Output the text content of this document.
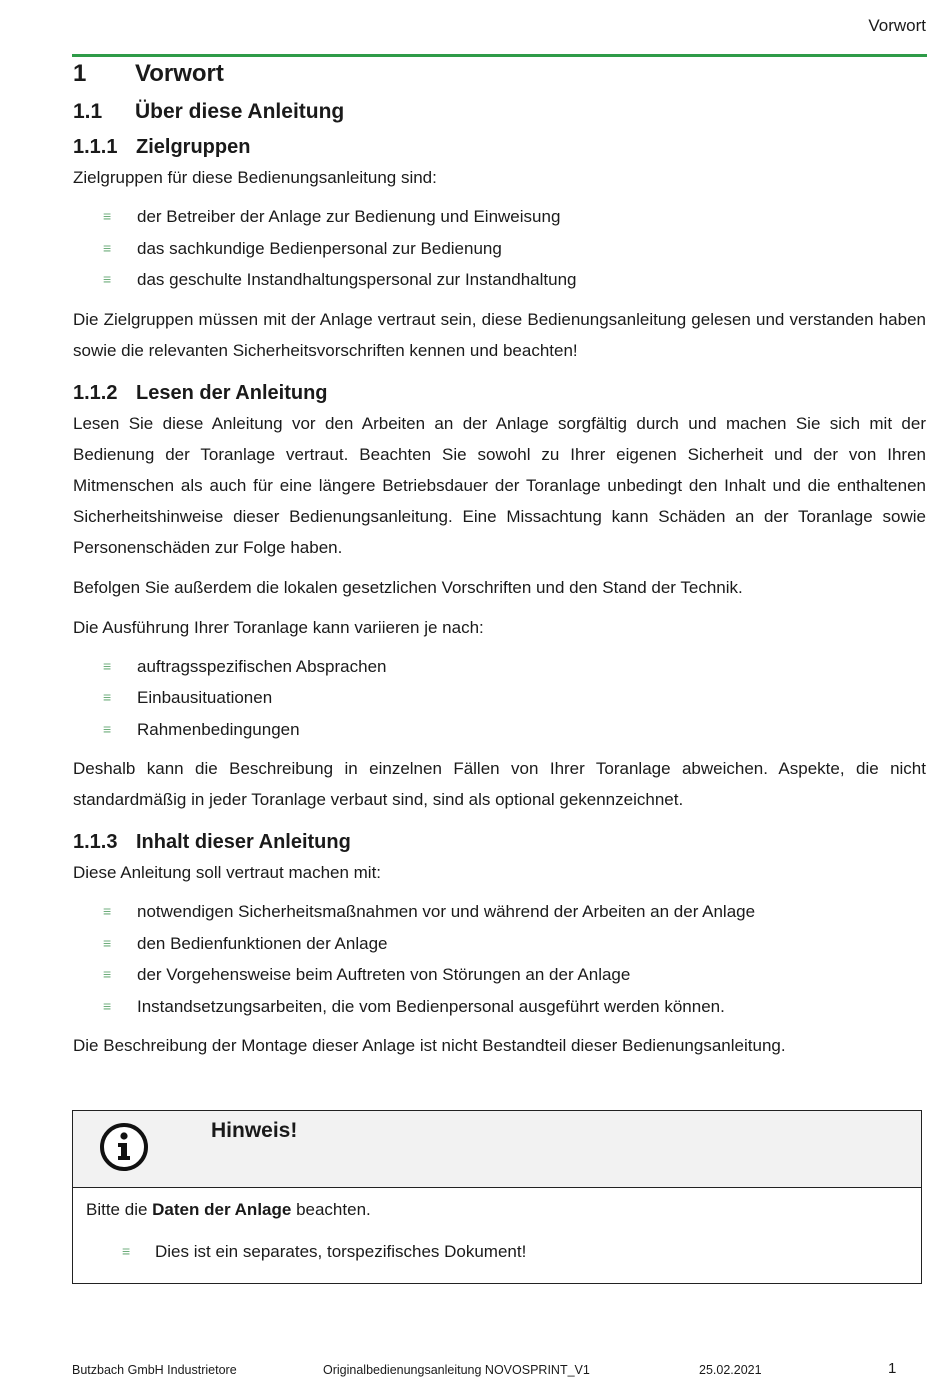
Vorwort
1 Vorwort
1.1 Über diese Anleitung
1.1.1 Zielgruppen

Zielgruppen für diese Bedienungsanleitung sind:

≡ der Betreiber der Anlage zur Bedienung und Einweisung
≡ das sachkundige Bedienpersonal zur Bedienung
≡ das geschulte Instandhaltungspersonal zur Instandhaltung

Die Zielgruppen müssen mit der Anlage vertraut sein, diese Bedienungsanleitung gelesen und verstanden haben sowie die relevanten Sicherheitsvorschriften kennen und beachten!

1.1.2 Lesen der Anleitung

Lesen Sie diese Anleitung vor den Arbeiten an der Anlage sorgfältig durch und machen Sie sich mit der Bedienung der Toranlage vertraut. Beachten Sie sowohl zu Ihrer eigenen Sicherheit und der von Ihren Mitmenschen als auch für eine längere Betriebsdauer der Toranlage unbedingt den Inhalt und die enthaltenen Sicherheitshinweise dieser Bedienungsanleitung. Eine Missachtung kann Schäden an der Toranlage sowie Personenschäden zur Folge haben.

Befolgen Sie außerdem die lokalen gesetzlichen Vorschriften und den Stand der Technik.

Die Ausführung Ihrer Toranlage kann variieren je nach:

≡ auftragsspezifischen Absprachen
≡ Einbausituationen
≡ Rahmenbedingungen

Deshalb kann die Beschreibung in einzelnen Fällen von Ihrer Toranlage abweichen. Aspekte, die nicht standardmäßig in jeder Toranlage verbaut sind, sind als optional gekennzeichnet.

1.1.3 Inhalt dieser Anleitung

Diese Anleitung soll vertraut machen mit:

≡ notwendigen Sicherheitsmaßnahmen vor und während der Arbeiten an der Anlage
≡ den Bedienfunktionen der Anlage
≡ der Vorgehensweise beim Auftreten von Störungen an der Anlage
≡ Instandsetzungsarbeiten, die vom Bedienpersonal ausgeführt werden können.

Die Beschreibung der Montage dieser Anlage ist nicht Bestandteil dieser Bedienungsanleitung.

Hinweis!

Bitte die Daten der Anlage beachten.

≡ Dies ist ein separates, torspezifisches Dokument!
Butzbach GmbH Industrietore	Originalbedienungsanleitung NOVOSPRINT_V1	25.02.2021	1
